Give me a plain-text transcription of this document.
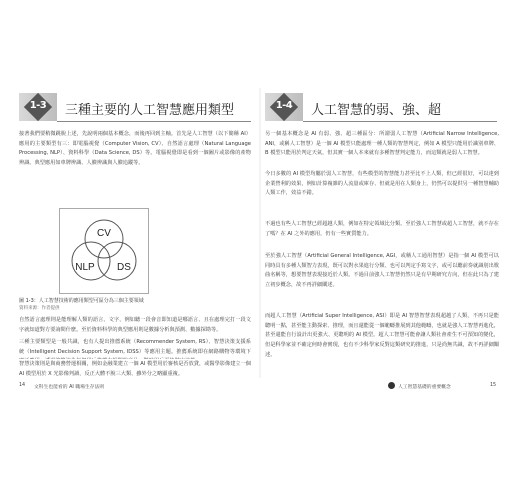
1-3	三種主要的人工智慧應用類型
接著我們要稍微跳脫上述，先說明兩個基本概念，而後再回到主軸。首先是人工智慧（以下簡稱 AI）應用的主要類型有三：即電腦視覺（Computer Vision, CV）、自然語言處理（Natural Language Processing, NLP）、資料科學（Data Science, DS）等。電腦視覺即是看到一個圖片或影像的產物辨識、典型應用如車牌辨識、人臉辨識與人臉追蹤等。
CV
NLP DS
圖 1-3：人工智慧技術的應用類型可區分為三個主要領域
資料來源：作者提供
自然語言處理則是能理解人類的語言、文字，例如聽一段會音即知道是哪語言、且在處理完打一段文字就知道對方要詢問什麼。至於資料科學的典型應用則是數據分析與預測、數據探勘等。
三種主要類型是一般共識，也有人提出推薦系統（Recommender System, RS）、智慧決策支援系統（Intelligent Decision Support System, IDSS）等應用主題。推薦系統即在網路購物等環境下
智慧決策則是與商務營運相關，例如金融業建立一個 AI 模型用於審核是否放貸，或醫學影像建立一個 AI 模型用於 X 光影像判讀，反正大體不脫三大類、雖外分之略顯重複。
1-4	人工智慧的弱、強、超
另一個基本概念是 AI 有弱、強、超三種區分：所謂弱人工智慧（Artificial Narrow Intelligence, ANI，或稱人工智慧）是一個 AI 模型只能處理一種人類的智慧判定，例如 A 模型只能用於識別車牌、B 模型只能用於判定天氣，但其實一個人本來就有多種智慧判定能力，而這類就是弱人工智慧。
今日多數的 AI 模型均屬於弱人工智慧，有些模型的智慧能力甚至比不上人類，但已經很好，可以達到企業營利的效果，例如計算複雜的人流量或庫存、但就是用在人類身上，仍然可以提供另一種智慧輔助人類工作，效益不錯。
不過也有些人工智慧已經超越人類，例如在特定領域比分類。至於強人工智慧或超人工智慧，就不存在了嗎？在 AI 之外的應用，仍有一些實質能力。
至於強人工智慧（Artificial General Intelligence, AGI，或稱人工通用智慧）是指一個 AI 模型可以同時具有多種人類智力表現，既可以對水果進行分類、也可以判定手寫文字，或可以聽前奏就識別出歌曲名稱等，想要智慧表現接近於人類。不過目前強人工智慧仍然只是有早期研究方向，但在此只為了建立初步概念，故不再詳細闡述。
而超人工智慧（Artificial Super Intelligence, ASI）即是 AI 智慧智慧表現超越了人類，不再只是能聰明一點，甚至能主動探索、推理，而且還能從一個範疇推展到其他範疇，也就是強人工智慧再進化，甚至還能自行設計出更強大、更聰明的 AI 模型。超人工智慧可能會讓人類社會產生不可預知的變化，但是科學家並不確定何時會實現，也有不少科學家反對這類研究的推進，只是尚無共識，故不再詳細闡述。
14 文科生也能看的 AI 職場生存法則	人工智慧基礎的重要概念	15
